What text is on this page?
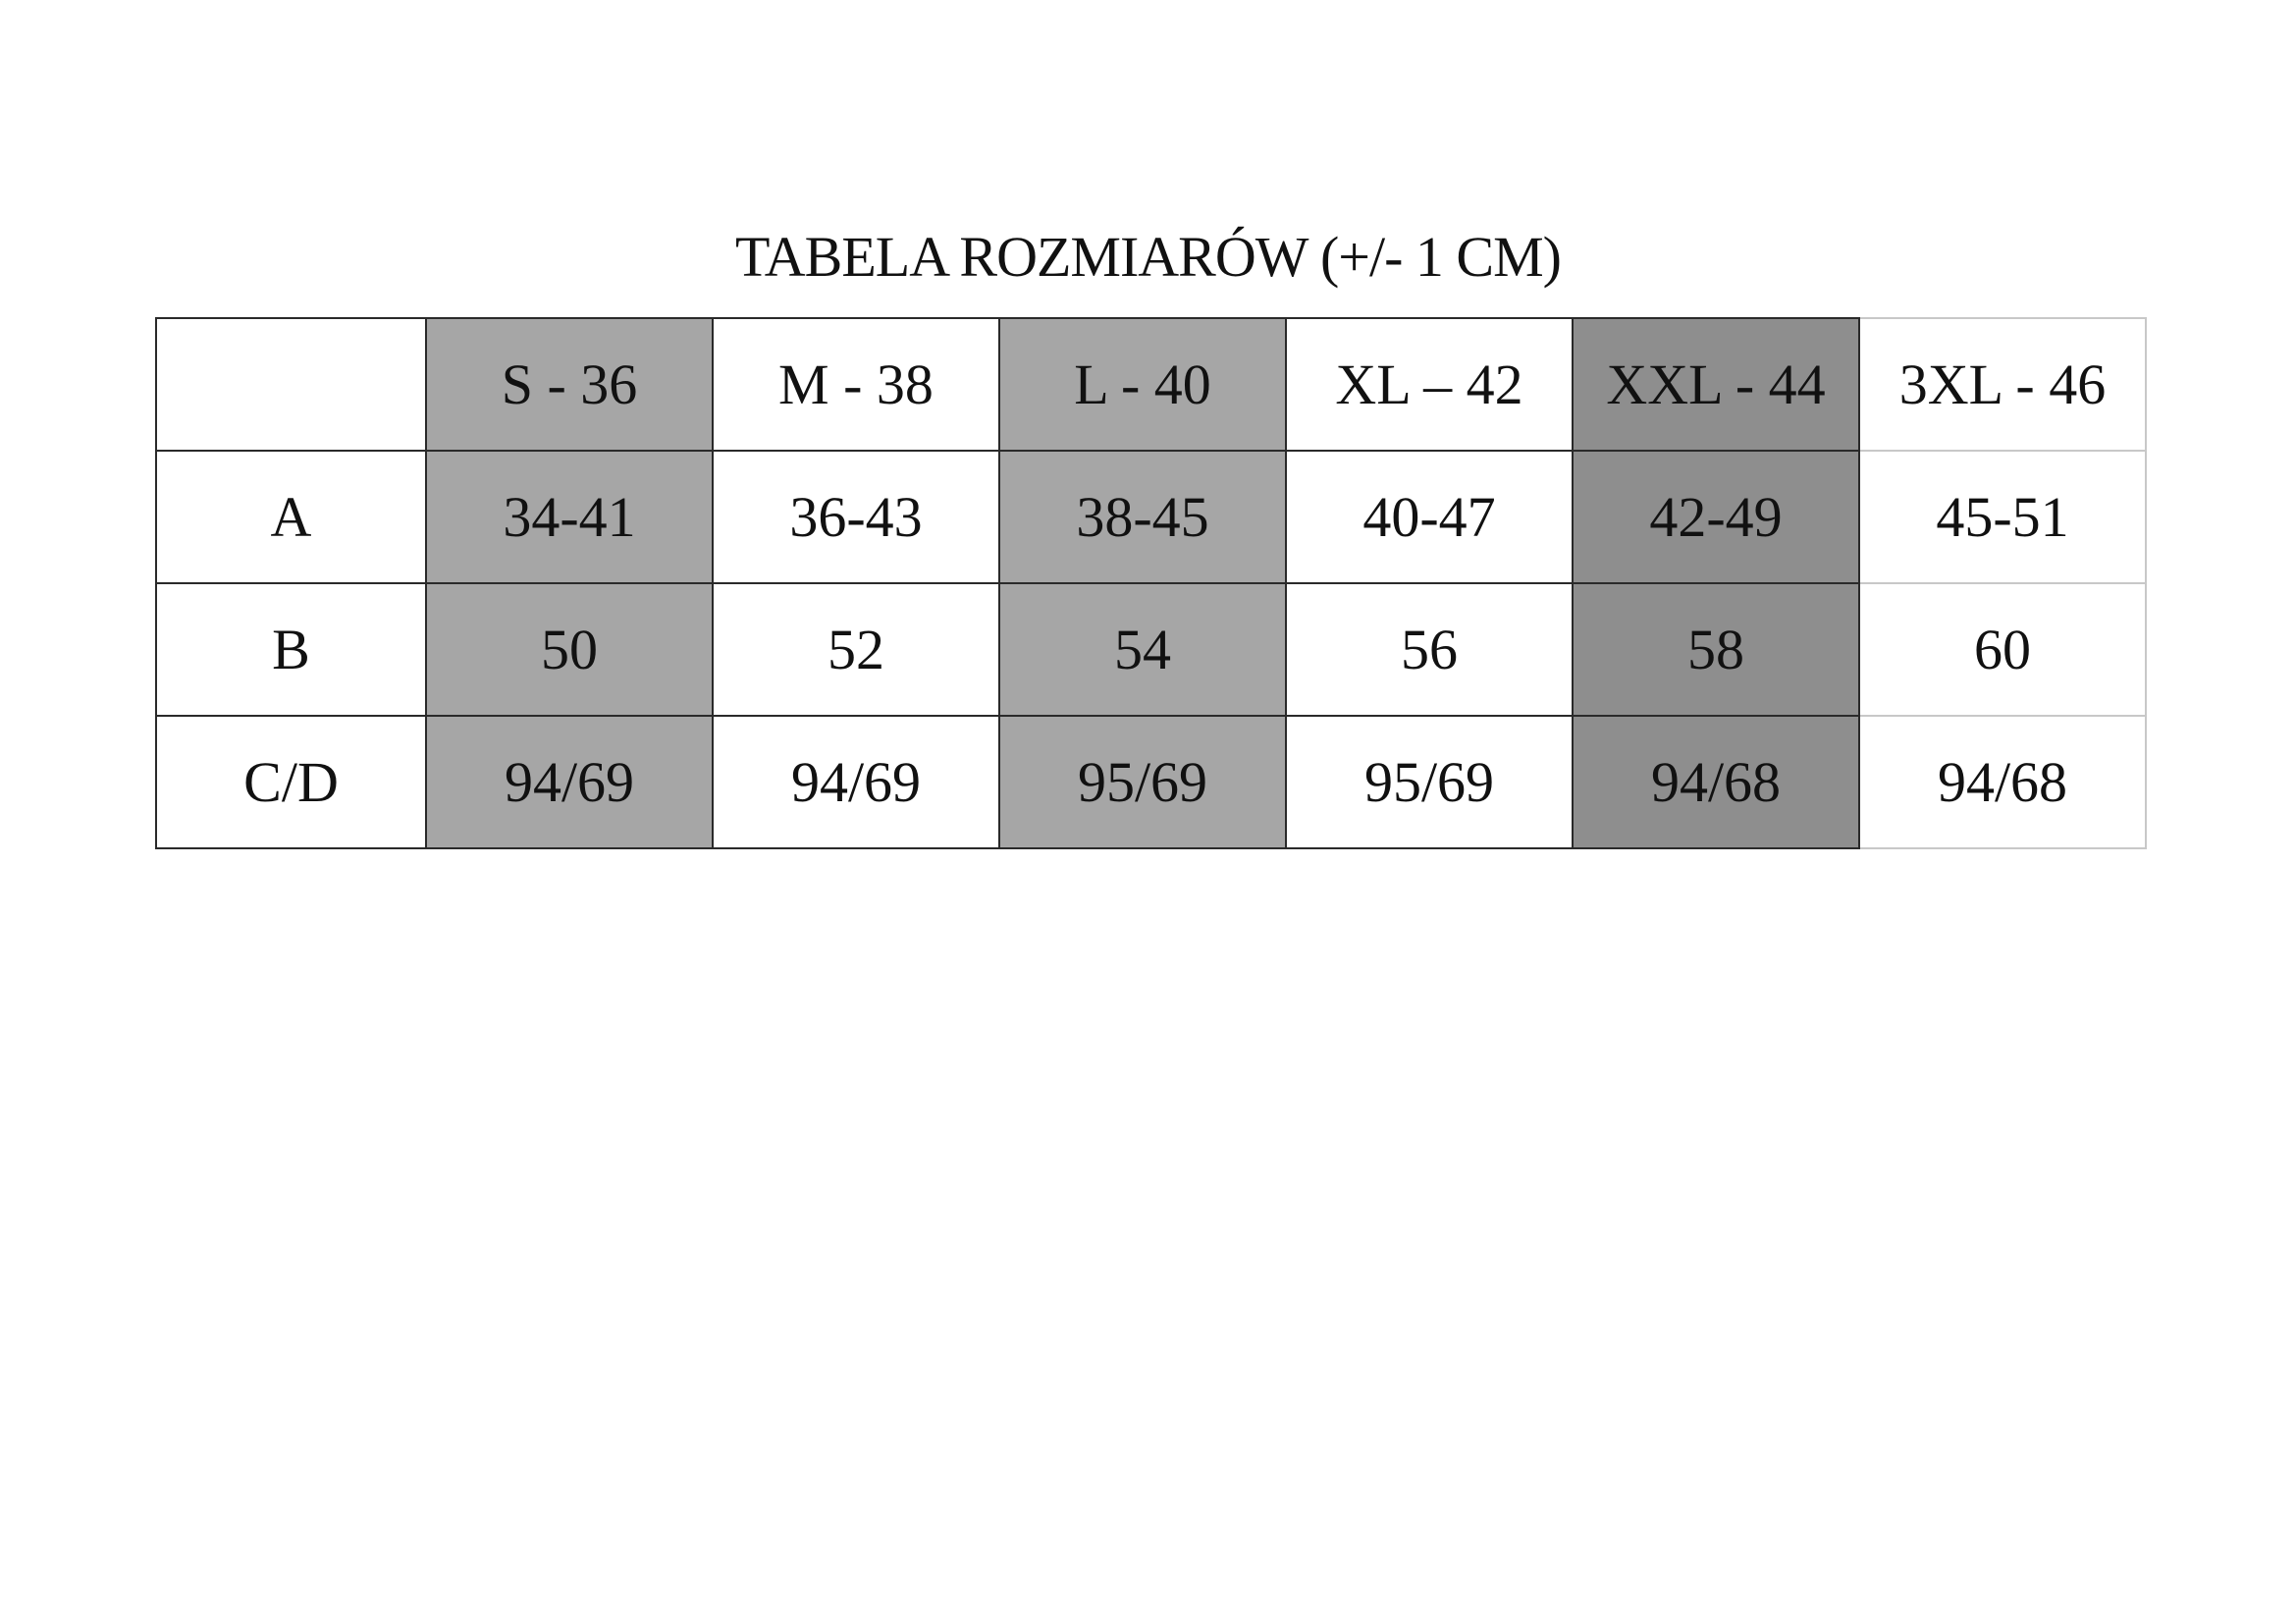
TABELA ROZMIARÓW (+/- 1 CM)
	S - 36	M - 38	L - 40	XL – 42	XXL - 44	3XL - 46
A	34-41	36-43	38-45	40-47	42-49	45-51
B	50	52	54	56	58	60
C/D	94/69	94/69	95/69	95/69	94/68	94/68
